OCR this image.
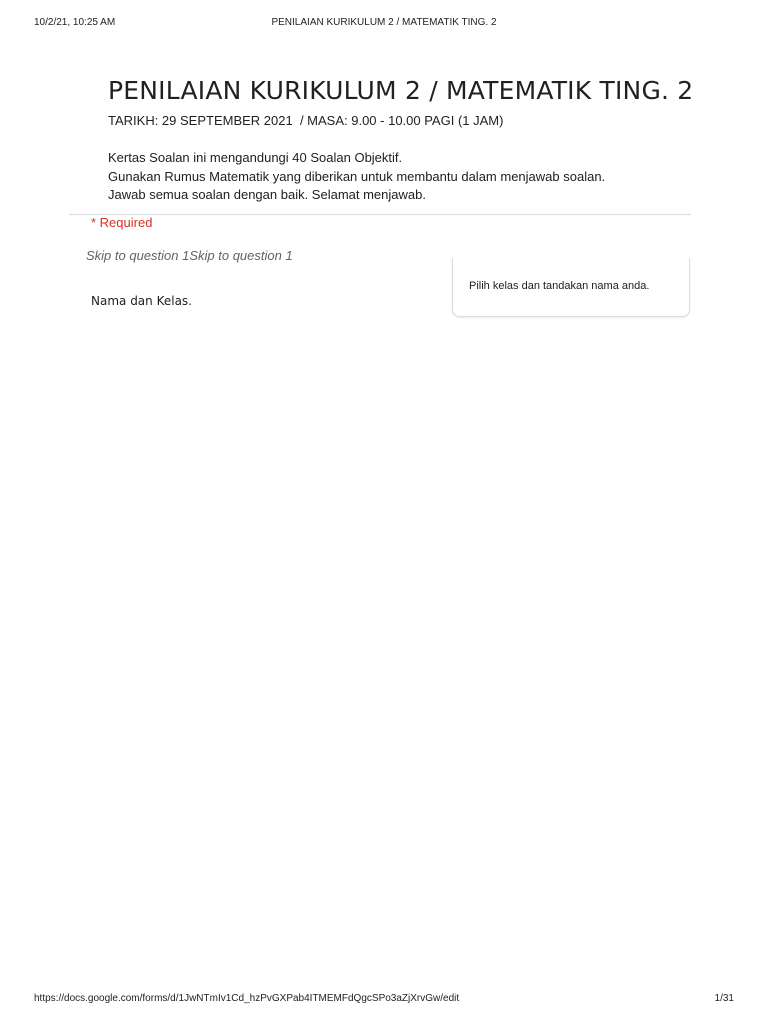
10/2/21, 10:25 AM	PENILAIAN KURIKULUM 2 / MATEMATIK TING. 2
PENILAIAN KURIKULUM 2 / MATEMATIK TING. 2
TARIKH: 29 SEPTEMBER 2021  / MASA: 9.00 - 10.00 PAGI (1 JAM)
Kertas Soalan ini mengandungi 40 Soalan Objektif.
Gunakan Rumus Matematik yang diberikan untuk membantu dalam menjawab soalan.
Jawab semua soalan dengan baik. Selamat menjawab.
* Required
Skip to question 1Skip to question 1
Nama dan Kelas.
Pilih kelas dan tandakan nama anda.
https://docs.google.com/forms/d/1JwNTmIv1Cd_hzPvGXPab4ITMEMFdQgcSPo3aZjXrvGw/edit	1/31
